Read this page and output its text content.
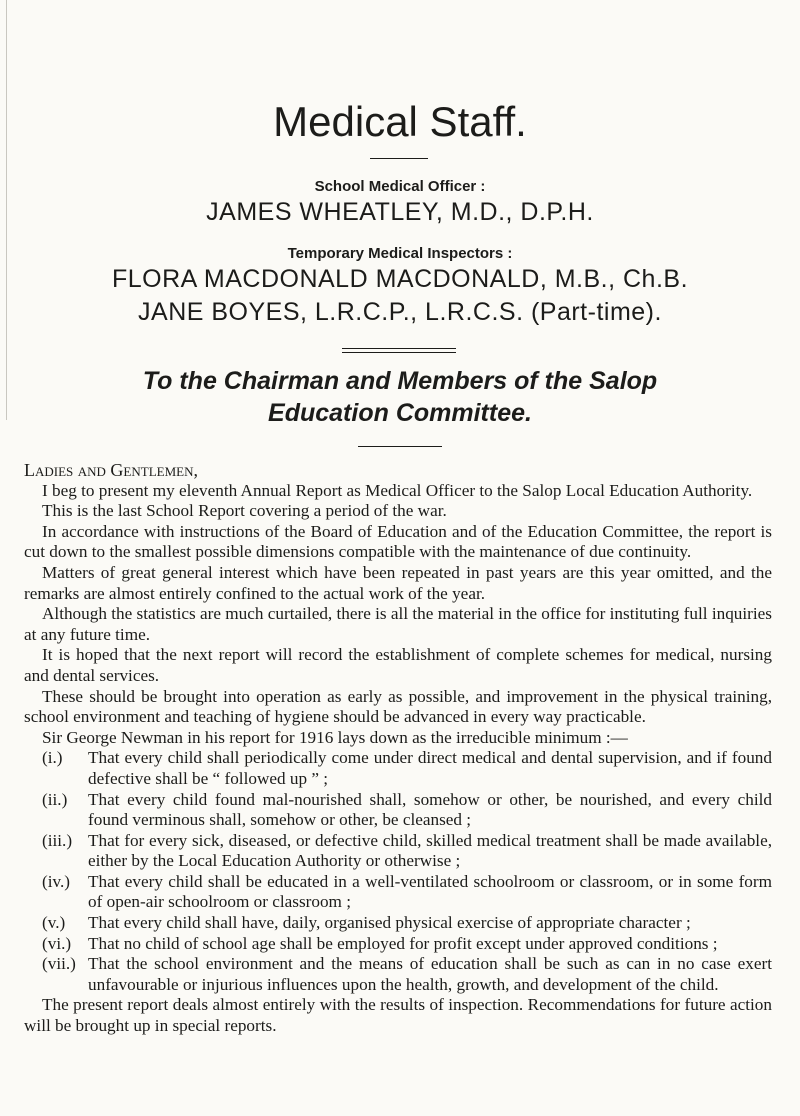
Medical Staff.
School Medical Officer :
JAMES WHEATLEY, M.D., D.P.H.
Temporary Medical Inspectors :
FLORA MACDONALD MACDONALD, M.B., Ch.B.
JANE BOYES, L.R.C.P., L.R.C.S. (Part-time).
To the Chairman and Members of the Salop
Education Committee.

Ladies and Gentlemen,

I beg to present my eleventh Annual Report as Medical Officer to the Salop Local Education Authority.

This is the last School Report covering a period of the war.

In accordance with instructions of the Board of Education and of the Education Committee, the report is cut down to the smallest possible dimensions compatible with the maintenance of due continuity.

Matters of great general interest which have been repeated in past years are this year omitted, and the remarks are almost entirely confined to the actual work of the year.

Although the statistics are much curtailed, there is all the material in the office for instituting full inquiries at any future time.

It is hoped that the next report will record the establishment of complete schemes for medical, nursing and dental services.

These should be brought into operation as early as possible, and improvement in the physical training, school environment and teaching of hygiene should be advanced in every way practicable.

Sir George Newman in his report for 1916 lays down as the irreducible minimum :—

(i.)	That every child shall periodically come under direct medical and dental supervision, and if found defective shall be “ followed up ” ;
(ii.)	That every child found mal-nourished shall, somehow or other, be nourished, and every child found verminous shall, somehow or other, be cleansed ;
(iii.) That for every sick, diseased, or defective child, skilled medical treatment shall be made available, either by the Local Education Authority or otherwise ;
(iv.)	That every child shall be educated in a well-ventilated schoolroom or classroom, or in some form of open-air schoolroom or classroom ;
(v.)	That every child shall have, daily, organised physical exercise of appropriate character ;
(vi.) That no child of school age shall be employed for profit except under approved conditions ;
(vii.) That the school environment and the means of education shall be such as can in no case exert unfavourable or injurious influences upon the health, growth, and development of the child.

The present report deals almost entirely with the results of inspection. Recommendations for future action will be brought up in special reports.
